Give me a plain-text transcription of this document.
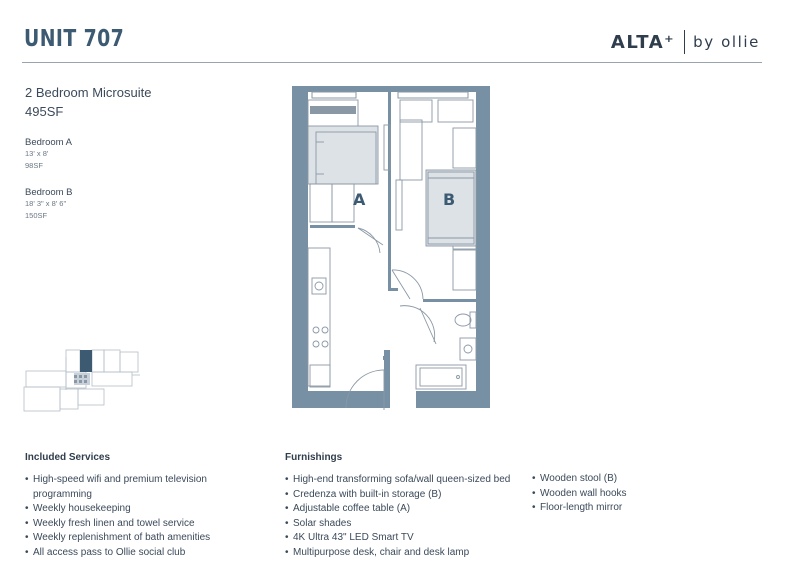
UNIT 707	ALTA⁺ by ollie
2 Bedroom Microsuite
495SF
Bedroom A
13' x 8'
98SF
Bedroom B
18' 3" x 8' 6"
150SF
A	B
Included Services
• High-speed wifi and premium television programming
• Weekly housekeeping
• Weekly fresh linen and towel service
• Weekly replenishment of bath amenities
• All access pass to Ollie social club
Furnishings
• High-end transforming sofa/wall queen-sized bed
• Credenza with built-in storage (B)
• Adjustable coffee table (A)
• Solar shades
• 4K Ultra 43" LED Smart TV
• Multipurpose desk, chair and desk lamp
• Wooden stool (B)
• Wooden wall hooks
• Floor-length mirror
